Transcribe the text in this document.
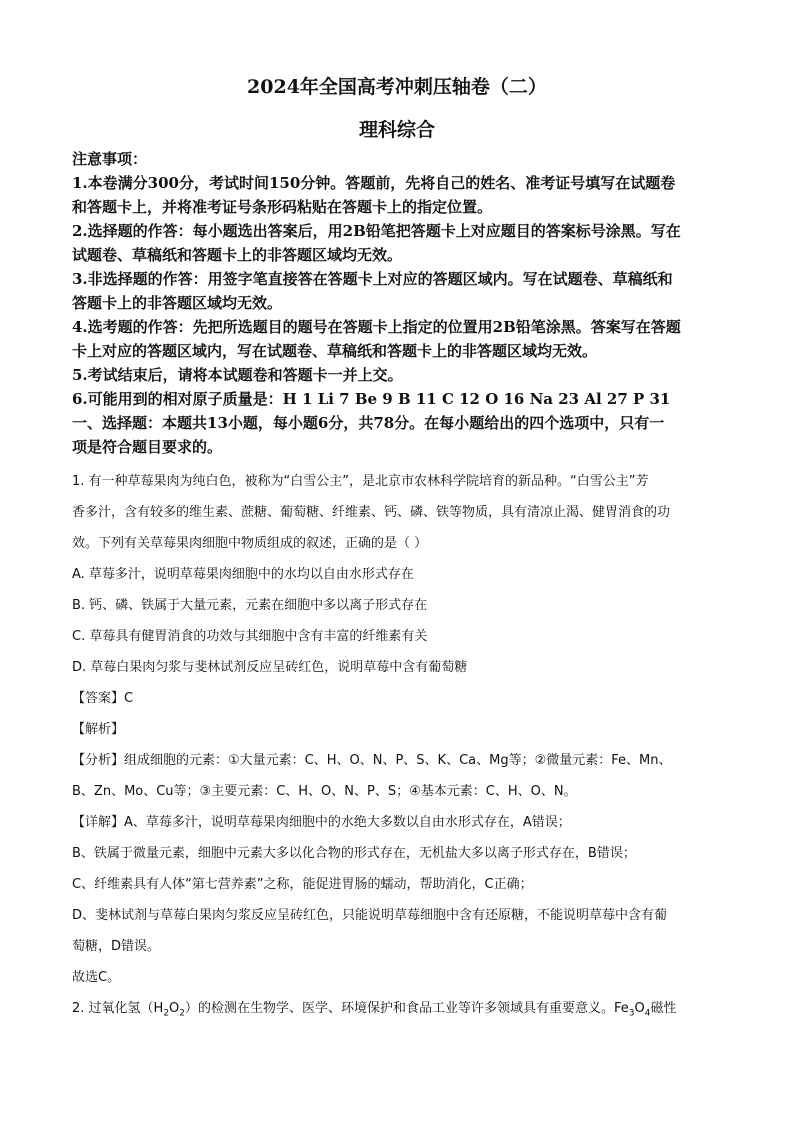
2024年全国高考冲刺压轴卷（二）
理科综合
注意事项：
1.本卷满分300分，考试时间150分钟。答题前，先将自己的姓名、准考证号填写在试题卷
和答题卡上，并将准考证号条形码粘贴在答题卡上的指定位置。
2.选择题的作答：每小题选出答案后，用2B铅笔把答题卡上对应题目的答案标号涂黑。写在
试题卷、草稿纸和答题卡上的非答题区域均无效。
3.非选择题的作答：用签字笔直接答在答题卡上对应的答题区域内。写在试题卷、草稿纸和
答题卡上的非答题区域均无效。
4.选考题的作答：先把所选题目的题号在答题卡上指定的位置用2B铅笔涂黑。答案写在答题
卡上对应的答题区域内，写在试题卷、草稿纸和答题卡上的非答题区域均无效。
5.考试结束后，请将本试题卷和答题卡一并上交。
6.可能用到的相对原子质量是：H 1 Li 7 Be 9 B 11 C 12 O 16 Na 23 Al 27 P 31
一、选择题：本题共13小题，每小题6分，共78分。在每小题给出的四个选项中，只有一
项是符合题目要求的。
1. 有一种草莓果肉为纯白色，被称为“白雪公主”，是北京市农林科学院培育的新品种。“白雪公主”芳
香多汁，含有较多的维生素、蔗糖、葡萄糖、纤维素、钙、磷、铁等物质，具有清凉止渴、健胃消食的功
效。下列有关草莓果肉细胞中物质组成的叙述，正确的是（ ）
A. 草莓多汁，说明草莓果肉细胞中的水均以自由水形式存在
B. 钙、磷、铁属于大量元素，元素在细胞中多以离子形式存在
C. 草莓具有健胃消食的功效与其细胞中含有丰富的纤维素有关
D. 草莓白果肉匀浆与斐林试剂反应呈砖红色，说明草莓中含有葡萄糖
【答案】C
【解析】
【分析】组成细胞的元素：①大量元素：C、H、O、N、P、S、K、Ca、Mg等；②微量元素：Fe、Mn、
B、Zn、Mo、Cu等；③主要元素：C、H、O、N、P、S；④基本元素：C、H、O、N。
【详解】A、草莓多汁，说明草莓果肉细胞中的水绝大多数以自由水形式存在，A错误；
B、铁属于微量元素，细胞中元素大多以化合物的形式存在，无机盐大多以离子形式存在，B错误；
C、纤维素具有人体“第七营养素”之称，能促进胃肠的蠕动，帮助消化，C正确；
D、斐林试剂与草莓白果肉匀浆反应呈砖红色，只能说明草莓细胞中含有还原糖，不能说明草莓中含有葡
萄糖，D错误。
故选C。
2. 过氧化氢$(H_2O_2)$的检测在生物学、医学、环境保护和食品工业等许多领域具有重要意义。$Fe_3O_4$磁性
